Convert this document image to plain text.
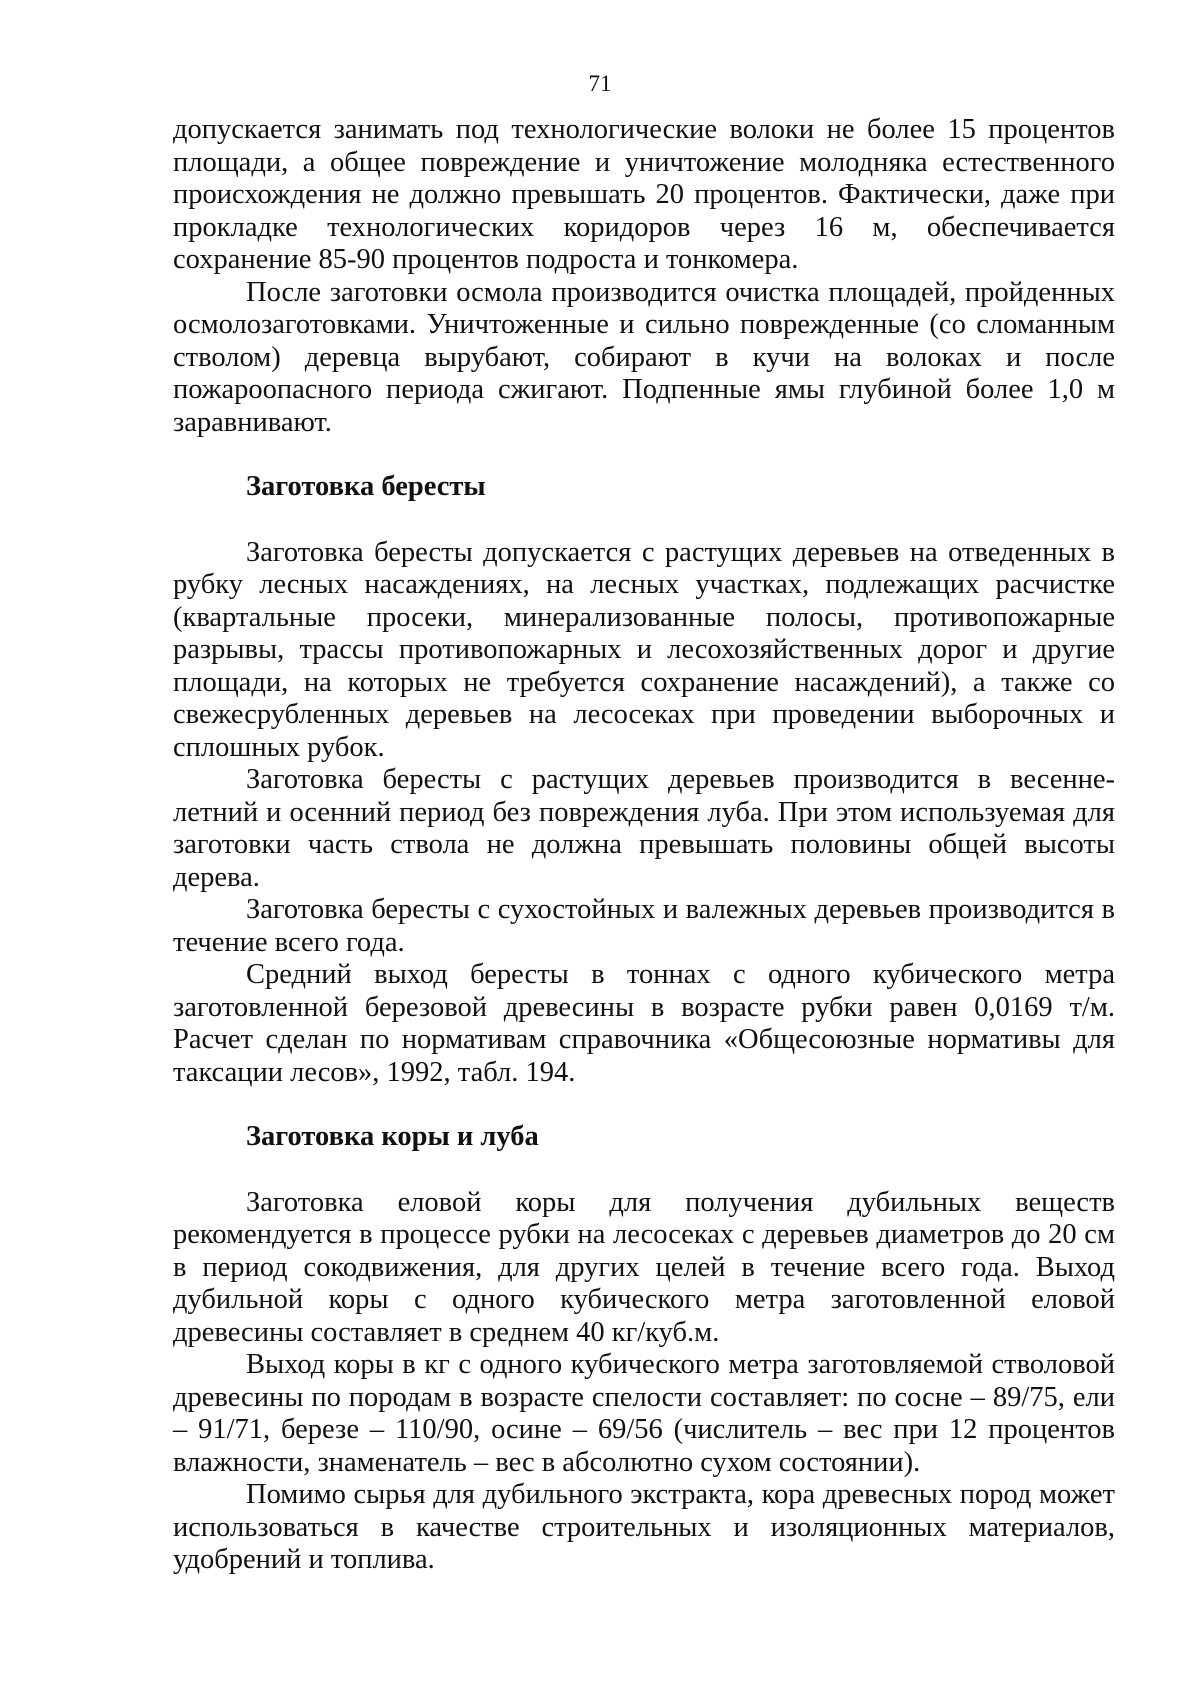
71

допускается занимать под технологические волоки не более 15 процентов площади, а общее повреждение и уничтожение молодняка естественного происхождения не должно превышать 20 процентов. Фактически, даже при прокладке технологических коридоров через 16 м, обеспечивается сохранение 85-90 процентов подроста и тонкомера.

После заготовки осмола производится очистка площадей, пройденных осмолозаготовками. Уничтоженные и сильно поврежденные (со сломанным стволом) деревца вырубают, собирают в кучи на волоках и после пожароопасного периода сжигают. Подпенные ямы глубиной более 1,0 м заравнивают.

Заготовка бересты

Заготовка бересты допускается с растущих деревьев на отведенных в рубку лесных насаждениях, на лесных участках, подлежащих расчистке (квартальные просеки, минерализованные полосы, противопожарные разрывы, трассы противопожарных и лесохозяйственных дорог и другие площади, на которых не требуется сохранение насаждений), а также со свежесрубленных деревьев на лесосеках при проведении выборочных и сплошных рубок.

Заготовка бересты с растущих деревьев производится в весенне-летний и осенний период без повреждения луба. При этом используемая для заготовки часть ствола не должна превышать половины общей высоты дерева.

Заготовка бересты с сухостойных и валежных деревьев производится в течение всего года.

Средний выход бересты в тоннах с одного кубического метра заготовленной березовой древесины в возрасте рубки равен 0,0169 т/м. Расчет сделан по нормативам справочника «Общесоюзные нормативы для таксации лесов», 1992, табл. 194.

Заготовка коры и луба

Заготовка еловой коры для получения дубильных веществ рекомендуется в процессе рубки на лесосеках с деревьев диаметров до 20 см в период сокодвижения, для других целей в течение всего года. Выход дубильной коры с одного кубического метра заготовленной еловой древесины составляет в среднем 40 кг/куб.м.

Выход коры в кг с одного кубического метра заготовляемой стволовой древесины по породам в возрасте спелости составляет: по сосне – 89/75, ели – 91/71, березе – 110/90, осине – 69/56 (числитель – вес при 12 процентов влажности, знаменатель – вес в абсолютно сухом состоянии).

Помимо сырья для дубильного экстракта, кора древесных пород может использоваться в качестве строительных и изоляционных материалов, удобрений и топлива.
